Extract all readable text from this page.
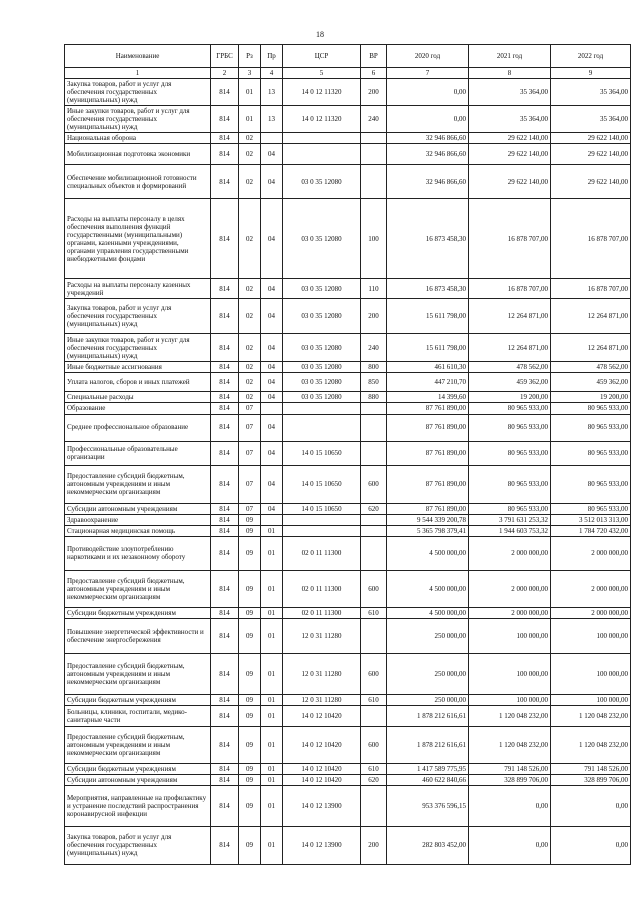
18
Наименование	ГРБС	Рз	Пр	ЦСР	ВР	2020 год	2021 год	2022 год
1	2	3	4	5	6	7	8	9
Закупка товаров, работ и услуг для обеспечения государственных (муниципальных) нужд	814	01	13	14 0 12 11320	200	0,00	35 364,00	35 364,00
Иные закупки товаров, работ и услуг для обеспечения государственных (муниципальных) нужд	814	01	13	14 0 12 11320	240	0,00	35 364,00	35 364,00
Национальная оборона	814	02				32 946 866,60	29 622 140,00	29 622 140,00
Мобилизационная подготовка экономики	814	02	04			32 946 866,60	29 622 140,00	29 622 140,00
Обеспечение мобилизационной готовности специальных объектов и формирований	814	02	04	03 0 35 12080		32 946 866,60	29 622 140,00	29 622 140,00
Расходы на выплаты персоналу в целях обеспечения выполнения функций государственными (муниципальными) органами, казенными учреждениями, органами управления государственными внебюджетными фондами	814	02	04	03 0 35 12080	100	16 873 458,30	16 878 707,00	16 878 707,00
Расходы на выплаты персоналу казенных учреждений	814	02	04	03 0 35 12080	110	16 873 458,30	16 878 707,00	16 878 707,00
Закупка товаров, работ и услуг для обеспечения государственных (муниципальных) нужд	814	02	04	03 0 35 12080	200	15 611 798,00	12 264 871,00	12 264 871,00
Иные закупки товаров, работ и услуг для обеспечения государственных (муниципальных) нужд	814	02	04	03 0 35 12080	240	15 611 798,00	12 264 871,00	12 264 871,00
Иные бюджетные ассигнования	814	02	04	03 0 35 12080	800	461 610,30	478 562,00	478 562,00
Уплата налогов, сборов и иных платежей	814	02	04	03 0 35 12080	850	447 210,70	459 362,00	459 362,00
Специальные расходы	814	02	04	03 0 35 12080	880	14 399,60	19 200,00	19 200,00
Образование	814	07				87 761 890,00	80 965 933,00	80 965 933,00
Среднее профессиональное образование	814	07	04			87 761 890,00	80 965 933,00	80 965 933,00
Профессиональные образовательные организации	814	07	04	14 0 15 10650		87 761 890,00	80 965 933,00	80 965 933,00
Предоставление субсидий бюджетным, автономным учреждениям и иным некоммерческим организациям	814	07	04	14 0 15 10650	600	87 761 890,00	80 965 933,00	80 965 933,00
Субсидии автономным учреждениям	814	07	04	14 0 15 10650	620	87 761 890,00	80 965 933,00	80 965 933,00
Здравоохранение	814	09				9 544 339 200,78	3 791 631 253,32	3 512 013 313,00
Стационарная медицинская помощь	814	09	01			5 365 798 379,41	1 944 603 753,32	1 784 720 432,00
Противодействие злоупотреблению наркотиками и их незаконному обороту	814	09	01	02 0 11 11300		4 500 000,00	2 000 000,00	2 000 000,00
Предоставление субсидий бюджетным, автономным учреждениям и иным некоммерческим организациям	814	09	01	02 0 11 11300	600	4 500 000,00	2 000 000,00	2 000 000,00
Субсидии бюджетным учреждениям	814	09	01	02 0 11 11300	610	4 500 000,00	2 000 000,00	2 000 000,00
Повышение энергетической эффективности и обеспечение энергосбережения	814	09	01	12 0 31 11280		250 000,00	100 000,00	100 000,00
Предоставление субсидий бюджетным, автономным учреждениям и иным некоммерческим организациям	814	09	01	12 0 31 11280	600	250 000,00	100 000,00	100 000,00
Субсидии бюджетным учреждениям	814	09	01	12 0 31 11280	610	250 000,00	100 000,00	100 000,00
Больницы, клиники, госпитали, медико-санитарные части	814	09	01	14 0 12 10420		1 878 212 616,61	1 120 048 232,00	1 120 048 232,00
Предоставление субсидий бюджетным, автономным учреждениям и иным некоммерческим организациям	814	09	01	14 0 12 10420	600	1 878 212 616,61	1 120 048 232,00	1 120 048 232,00
Субсидии бюджетным учреждениям	814	09	01	14 0 12 10420	610	1 417 589 775,95	791 148 526,00	791 148 526,00
Субсидии автономным учреждениям	814	09	01	14 0 12 10420	620	460 622 840,66	328 899 706,00	328 899 706,00
Мероприятия, направленные на профилактику и устранение последствий распространения коронавирусной инфекции	814	09	01	14 0 12 13900		953 376 596,15	0,00	0,00
Закупка товаров, работ и услуг для обеспечения государственных (муниципальных) нужд	814	09	01	14 0 12 13900	200	282 803 452,00	0,00	0,00
